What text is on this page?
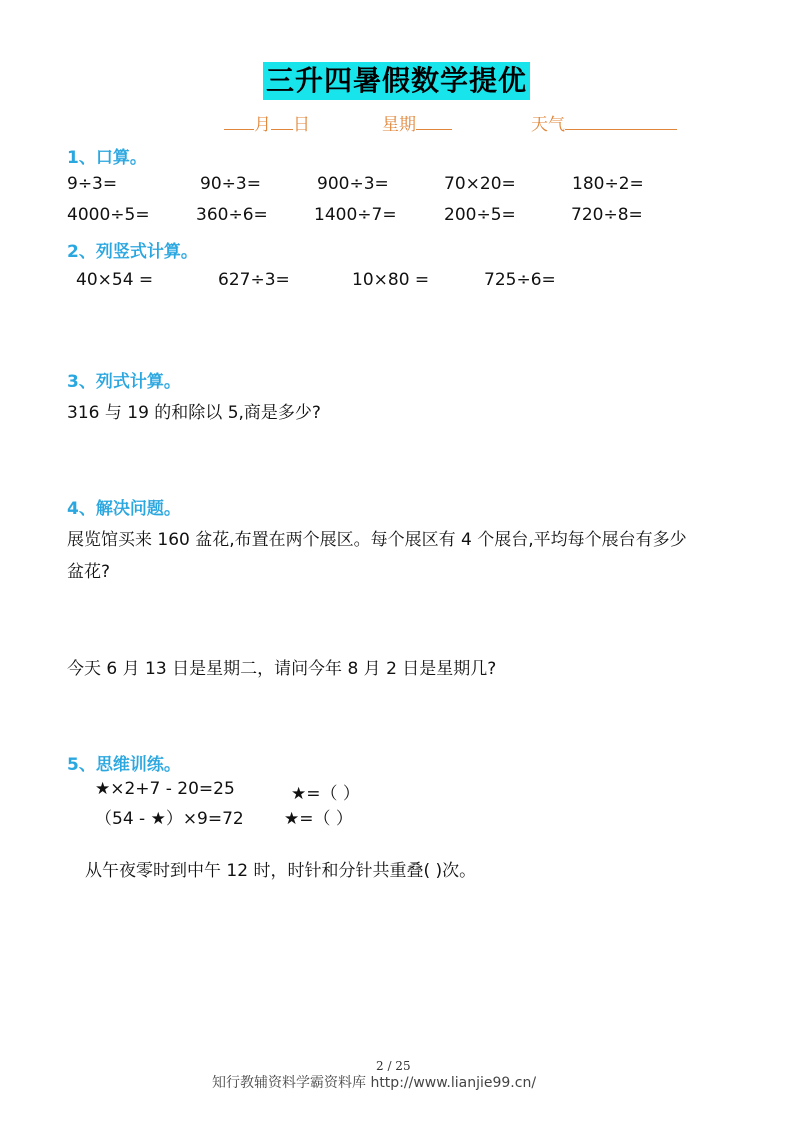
三升四暑假数学提优
月 日	星期	天气
1、口算。
9÷3=	90÷3=	900÷3=	70×20=	180÷2=
4000÷5=	360÷6=	1400÷7=	200÷5=	720÷8=
2、列竖式计算。
40×54 =	627÷3=	10×80 =	725÷6=
3、列式计算。
316 与 19 的和除以 5,商是多少?
4、解决问题。
展览馆买来 160 盆花,布置在两个展区。每个展区有 4 个展台,平均每个展台有多少
盆花?
今天 6 月 13 日是星期二，请问今年 8 月 2 日是星期几?
5、思维训练。
★×2+7 - 20=25	★=（ ）
（54 - ★）×9=72 ★=（ ）
从午夜零时到中午 12 时，时针和分针共重叠( )次。
2 / 25
知行教辅资料学霸资料库 http://www.lianjie99.cn/
